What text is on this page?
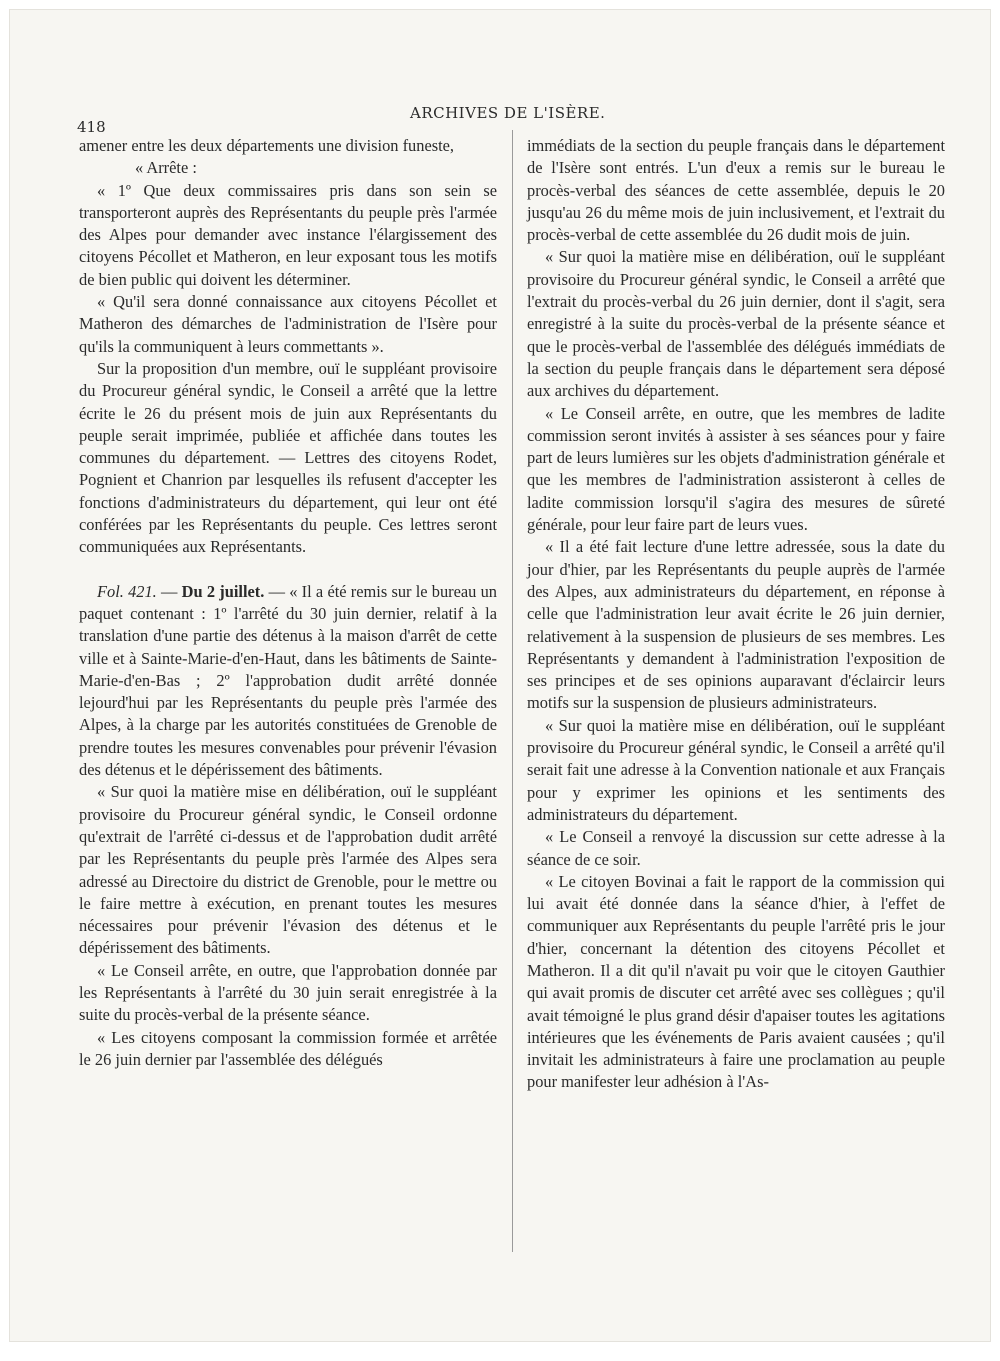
418
ARCHIVES DE L'ISÈRE.

amener entre les deux départements une division funeste,

« Arrête :

« 1º Que deux commissaires pris dans son sein se transporteront auprès des Représentants du peuple près l'armée des Alpes pour demander avec instance l'élargissement des citoyens Pécollet et Matheron, en leur exposant tous les motifs de bien public qui doivent les déterminer.

« Qu'il sera donné connaissance aux citoyens Pécollet et Matheron des démarches de l'administration de l'Isère pour qu'ils la communiquent à leurs commettants ».

Sur la proposition d'un membre, ouï le suppléant provisoire du Procureur général syndic, le Conseil a arrêté que la lettre écrite le 26 du présent mois de juin aux Représentants du peuple serait imprimée, publiée et affichée dans toutes les communes du département. — Lettres des citoyens Rodet, Pognient et Chanrion par lesquelles ils refusent d'accepter les fonctions d'administrateurs du département, qui leur ont été conférées par les Représentants du peuple. Ces lettres seront communiquées aux Représentants.

Fol. 421. — Du 2 juillet. — « Il a été remis sur le bureau un paquet contenant : 1º l'arrêté du 30 juin dernier, relatif à la translation d'une partie des détenus à la maison d'arrêt de cette ville et à Sainte-Marie-d'en-Haut, dans les bâtiments de Sainte-Marie-d'en-Bas ; 2º l'approbation dudit arrêté donnée lejourd'hui par les Représentants du peuple près l'armée des Alpes, à la charge par les autorités constituées de Grenoble de prendre toutes les mesures convenables pour prévenir l'évasion des détenus et le dépérissement des bâtiments.

« Sur quoi la matière mise en délibération, ouï le suppléant provisoire du Procureur général syndic, le Conseil ordonne qu'extrait de l'arrêté ci-dessus et de l'approbation dudit arrêté par les Représentants du peuple près l'armée des Alpes sera adressé au Directoire du district de Grenoble, pour le mettre ou le faire mettre à exécution, en prenant toutes les mesures nécessaires pour prévenir l'évasion des détenus et le dépérissement des bâtiments.

« Le Conseil arrête, en outre, que l'approbation donnée par les Représentants à l'arrêté du 30 juin serait enregistrée à la suite du procès-verbal de la présente séance.

« Les citoyens composant la commission formée et arrêtée le 26 juin dernier par l'assemblée des délégués

immédiats de la section du peuple français dans le département de l'Isère sont entrés. L'un d'eux a remis sur le bureau le procès-verbal des séances de cette assemblée, depuis le 20 jusqu'au 26 du même mois de juin inclusivement, et l'extrait du procès-verbal de cette assemblée du 26 dudit mois de juin.

« Sur quoi la matière mise en délibération, ouï le suppléant provisoire du Procureur général syndic, le Conseil a arrêté que l'extrait du procès-verbal du 26 juin dernier, dont il s'agit, sera enregistré à la suite du procès-verbal de la présente séance et que le procès-verbal de l'assemblée des délégués immédiats de la section du peuple français dans le département sera déposé aux archives du département.

« Le Conseil arrête, en outre, que les membres de ladite commission seront invités à assister à ses séances pour y faire part de leurs lumières sur les objets d'administration générale et que les membres de l'administration assisteront à celles de ladite commission lorsqu'il s'agira des mesures de sûreté générale, pour leur faire part de leurs vues.

« Il a été fait lecture d'une lettre adressée, sous la date du jour d'hier, par les Représentants du peuple auprès de l'armée des Alpes, aux administrateurs du département, en réponse à celle que l'administration leur avait écrite le 26 juin dernier, relativement à la suspension de plusieurs de ses membres. Les Représentants y demandent à l'administration l'exposition de ses principes et de ses opinions auparavant d'éclaircir leurs motifs sur la suspension de plusieurs administrateurs.

« Sur quoi la matière mise en délibération, ouï le suppléant provisoire du Procureur général syndic, le Conseil a arrêté qu'il serait fait une adresse à la Convention nationale et aux Français pour y exprimer les opinions et les sentiments des administrateurs du département.

« Le Conseil a renvoyé la discussion sur cette adresse à la séance de ce soir.

« Le citoyen Bovinai a fait le rapport de la commission qui lui avait été donnée dans la séance d'hier, à l'effet de communiquer aux Représentants du peuple l'arrêté pris le jour d'hier, concernant la détention des citoyens Pécollet et Matheron. Il a dit qu'il n'avait pu voir que le citoyen Gauthier qui avait promis de discuter cet arrêté avec ses collègues ; qu'il avait témoigné le plus grand désir d'apaiser toutes les agitations intérieures que les événements de Paris avaient causées ; qu'il invitait les administrateurs à faire une proclamation au peuple pour manifester leur adhésion à l'As-
